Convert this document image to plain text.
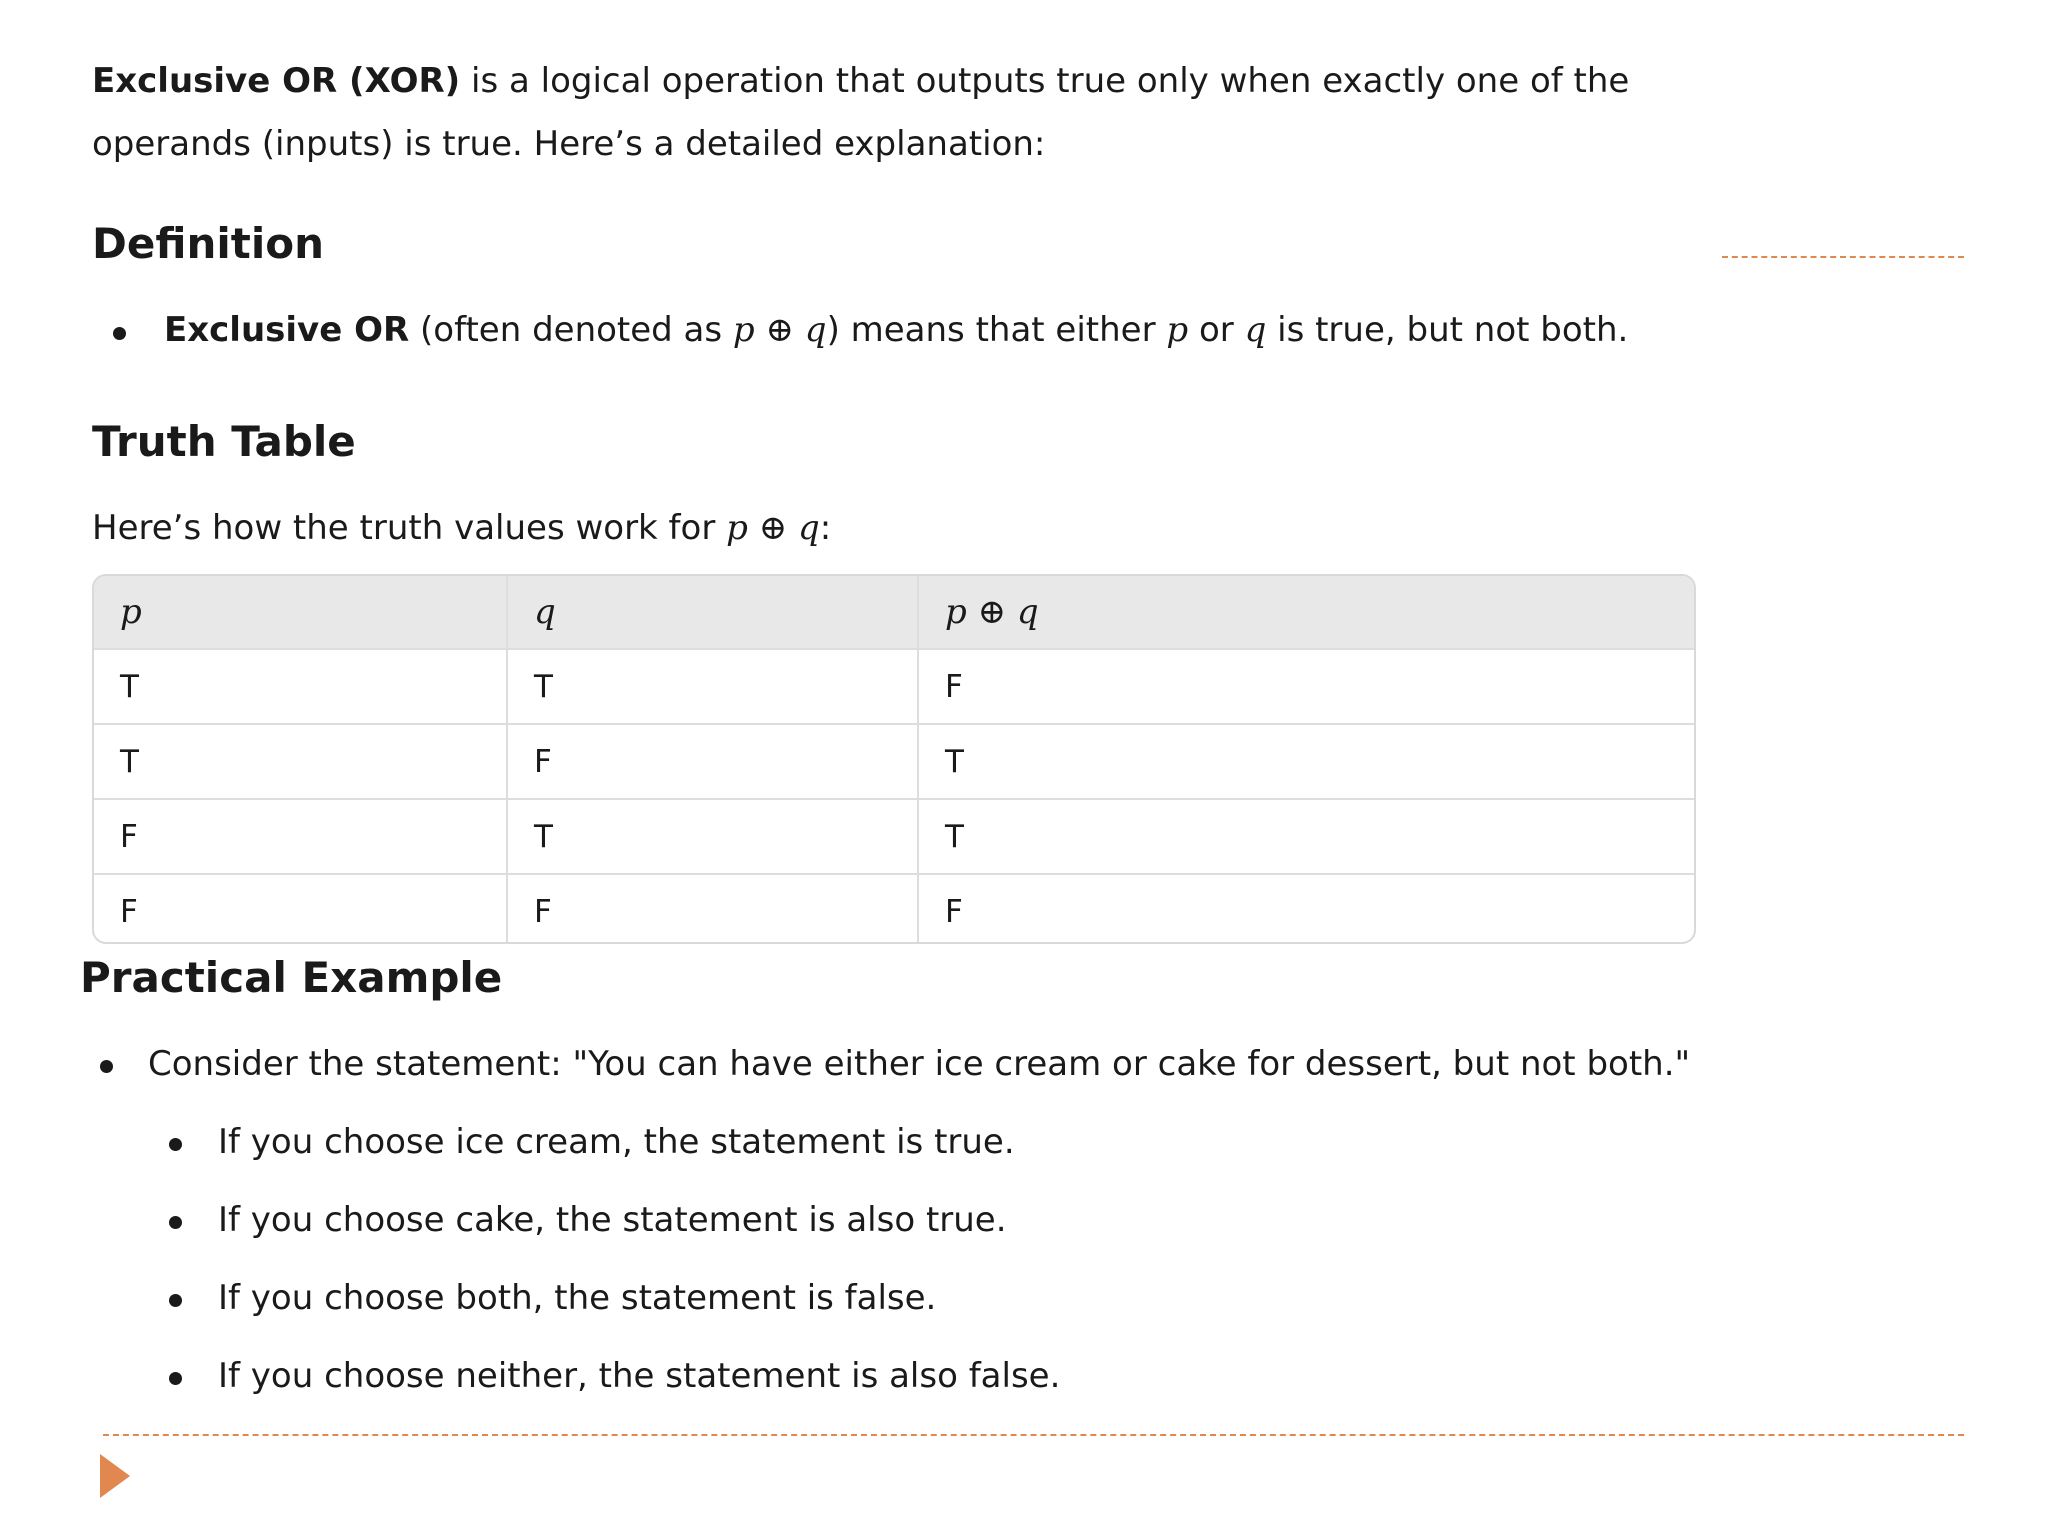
Exclusive OR (XOR) is a logical operation that outputs true only when exactly one of the operands (inputs) is true. Here’s a detailed explanation:

Definition
Exclusive OR (often denoted as p ⊕ q) means that either p or q is true, but not both.
Truth Table

Here’s how the truth values work for p ⊕ q:

p	q	p ⊕ q
T	T	F
T	F	T
F	T	T
F	F	F
Practical Example
Consider the statement: "You can have either ice cream or cake for dessert, but not both."
If you choose ice cream, the statement is true.
If you choose cake, the statement is also true.
If you choose both, the statement is false.
If you choose neither, the statement is also false.
